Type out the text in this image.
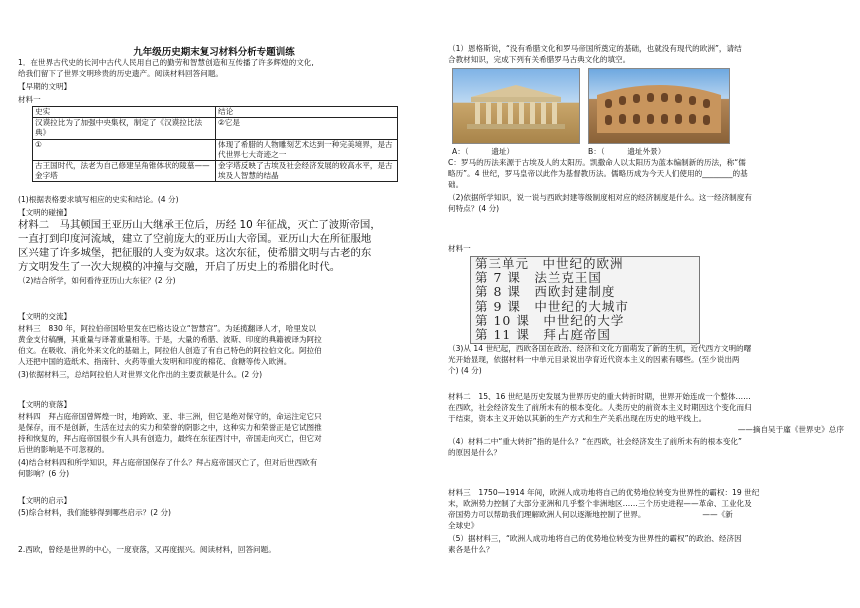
九年级历史期末复习材料分析专题训练

1．在世界古代史的长河中古代人民用自己的勤劳和智慧创造和互传播了许多辉煌的文化,

给我们留下了世界文明珍贵的历史遗产。阅读材料回答问题。

【早期的文明】

材料一

史实	结论
汉谟拉比为了加强中央集权，制定了《汉谟拉比法典》	②它是
①	体现了希腊的人物雕刻艺术达到一种完美境界，是古代世界七大奇迹之一
古王国时代，法老为自己修建呈角锥体状的陵墓——金字塔	金字塔反映了古埃及社会经济发展的较高水平，是古埃及人智慧的结晶

(1)根据表格要求填写相应的史实和结论。(4 分)

【文明的碰撞】

材料二　马其顿国王亚历山大继承王位后，历经 10 年征战，灭亡了波斯帝国，

一直打到印度河流域，建立了空前庞大的亚历山大帝国。亚历山大在所征服地

区兴建了许多城堡，把征服的人变为奴隶。这次东征，使希腊文明与古老的东

方文明发生了一次大规模的冲撞与交融，开启了历史上的希腊化时代。

（2)结合所学，如何看待亚历山大东征？(2 分)

【文明的交流】

材料三　830 年，阿拉伯帝国哈里发在巴格达设立“智慧宫”。为延揽翻译人才，哈里发以

黄金支付稿酬，其重量与译著重量相等。于是，大量的希腊、波斯、印度的典籍被译为阿拉

伯文。在吸收、消化外来文化的基础上，阿拉伯人创造了有自己特色的阿拉伯文化。阿拉伯

人还把中国的造纸术、指南针、火药等重大发明和印度的棉花、食糖等传入欧洲。

(3)依据材料三，总结阿拉伯人对世界文化作出的主要贡献是什么。(2 分)

【文明的衰落】

材料四　拜占庭帝国曾辉煌一时，地跨欧、亚、非三洲，但它是绝对保守的，命运注定它只

是保存，而不是创新，生活在过去的实力和荣誉的阴影之中，这种实力和荣誉正是它试图推

持和恢复的，拜占庭帝国很少有人具有创造力，最终在东征西讨中，帝国走向灭亡，但它对

后世的影响是不可忽视的。

(4)结合材料四和所学知识，拜占庭帝国保存了什么？拜占庭帝国灭亡了，但对后世西欧有

何影响？(6 分)

【文明的启示】

(5)综合材料，我们能够得到哪些启示？(2 分)

2.西欧，曾经是世界的中心，一度衰落，又再度振兴。阅读材料，回答问题。

（1）恩格斯说，“没有希腊文化和罗马帝国所奠定的基础，也就没有现代的欧洲”，请结

合教材知识，完成下列有关希腊罗马古典文化的填空。

A：（　　　遗址）	B：（　　　遗址外景）

C：罗马的历法来源于古埃及人的太阳历。凯撒命人以太阳历为蓝本编制新的历法，称“儒

略历”。4 世纪，罗马皇帝以此作为基督教历法。儒略历成为今天人们使用的________的基

础。

（2)依据所学知识，说一说与西欧封建等级制度相对应的经济制度是什么。这一经济制度有

何特点？(4 分)

材料一

第三单元　中世纪的欧洲
第 7 课　法兰克王国
第 8 课　西欧封建制度
第 9 课　中世纪的大城市
第 10 课　中世纪的大学
第 11 课　拜占庭帝国

（3)从 14 世纪起，西欧各国在政治、经济和文化方面萌发了新的生机，近代西方文明的曙

光开始显现，依据材料一中单元目录说出孕育近代资本主义的因素有哪些。(至少说出两

个) (4 分)

材料二　15、16 世纪是历史发展为世界历史的重大转折时期，世界开始连成一个整体……

在西欧，社会经济发生了前所未有的根本变化。人类历史的前资本主义时期因这个变化而归

于结束，资本主义开始以其新的生产方式和生产关系出现在历史的地平线上。

——摘自吴于廑《世界史》总序

（4）材料二中“重大转折”指的是什么？“在西欧，社会经济发生了前所未有的根本变化”

的原因是什么？

材料三　1750—1914 年间，欧洲人成功地将自己的优势地位转变为世界性的霸权：19 世纪

末，欧洲势力控制了大部分亚洲和几乎整个非洲地区……三个历史进程——革命、工业化及

帝国势力可以帮助我们理解欧洲人何以逐渐地控制了世界。　　　　　　　　——《新

全球史》

（5）据材料三，“欧洲人成功地将自己的优势地位转变为世界性的霸权”的政治、经济因

素各是什么？
